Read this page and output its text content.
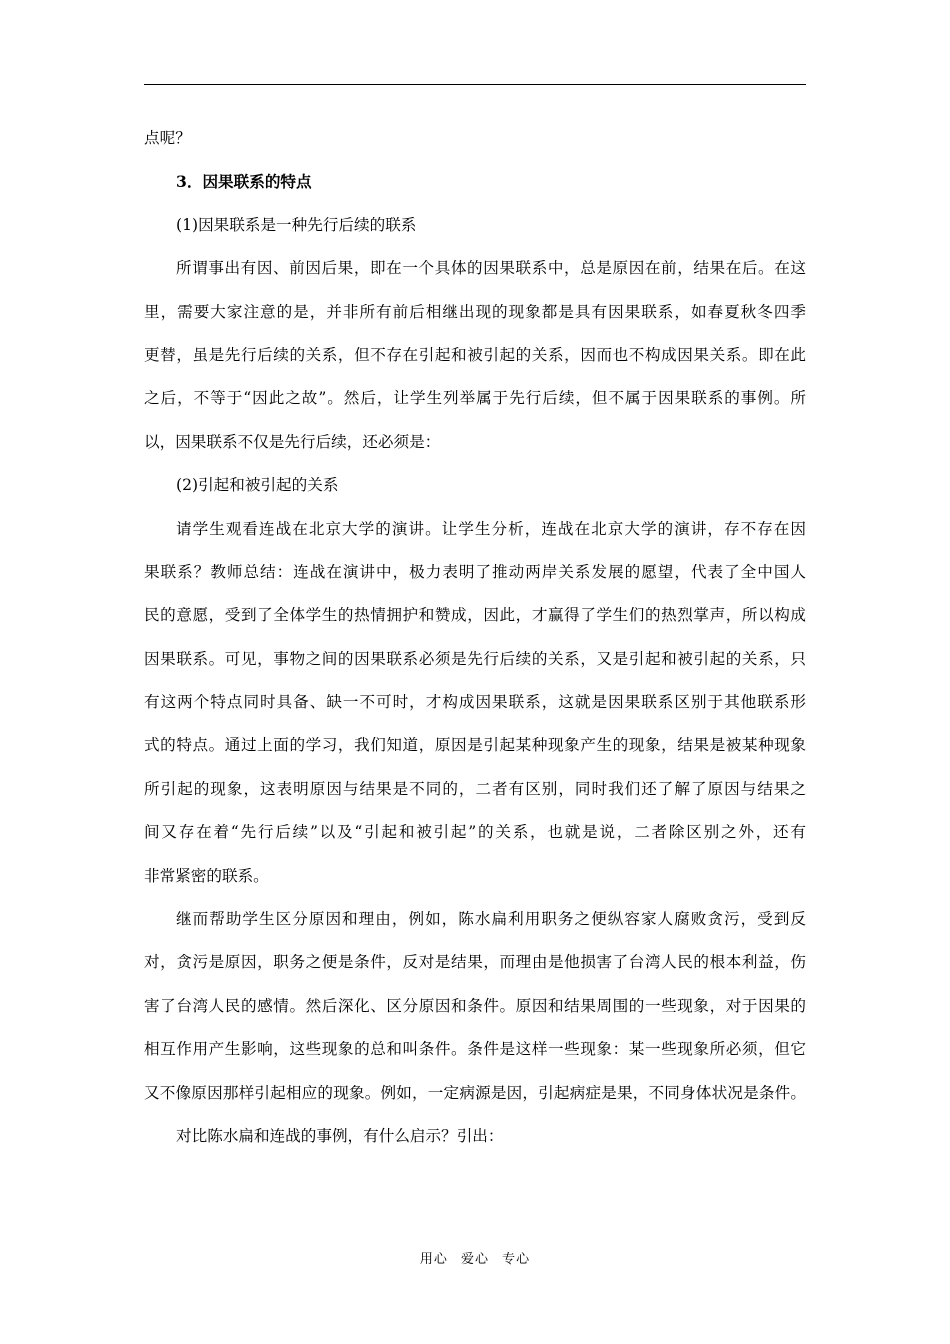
点呢？
3．因果联系的特点
(1)因果联系是一种先行后续的联系
所谓事出有因、前因后果，即在一个具体的因果联系中，总是原因在前，结果在后。在这
里，需要大家注意的是，并非所有前后相继出现的现象都是具有因果联系，如春夏秋冬四季
更替，虽是先行后续的关系，但不存在引起和被引起的关系，因而也不构成因果关系。即在此
之后，不等于“因此之故”。然后，让学生列举属于先行后续，但不属于因果联系的事例。所
以，因果联系不仅是先行后续，还必须是：
(2)引起和被引起的关系
请学生观看连战在北京大学的演讲。让学生分析，连战在北京大学的演讲，存不存在因
果联系？教师总结：连战在演讲中，极力表明了推动两岸关系发展的愿望，代表了全中国人
民的意愿，受到了全体学生的热情拥护和赞成，因此，才赢得了学生们的热烈掌声，所以构成
因果联系。可见，事物之间的因果联系必须是先行后续的关系，又是引起和被引起的关系，只
有这两个特点同时具备、缺一不可时，才构成因果联系，这就是因果联系区别于其他联系形
式的特点。通过上面的学习，我们知道，原因是引起某种现象产生的现象，结果是被某种现象
所引起的现象，这表明原因与结果是不同的，二者有区别，同时我们还了解了原因与结果之
间又存在着“先行后续”以及“引起和被引起”的关系，也就是说，二者除区别之外，还有
非常紧密的联系。
继而帮助学生区分原因和理由，例如，陈水扁利用职务之便纵容家人腐败贪污，受到反
对，贪污是原因，职务之便是条件，反对是结果，而理由是他损害了台湾人民的根本利益，伤
害了台湾人民的感情。然后深化、区分原因和条件。原因和结果周围的一些现象，对于因果的
相互作用产生影响，这些现象的总和叫条件。条件是这样一些现象：某一些现象所必须，但它
又不像原因那样引起相应的现象。例如，一定病源是因，引起病症是果，不同身体状况是条件。
对比陈水扁和连战的事例，有什么启示？引出：
用心 爱心 专心
